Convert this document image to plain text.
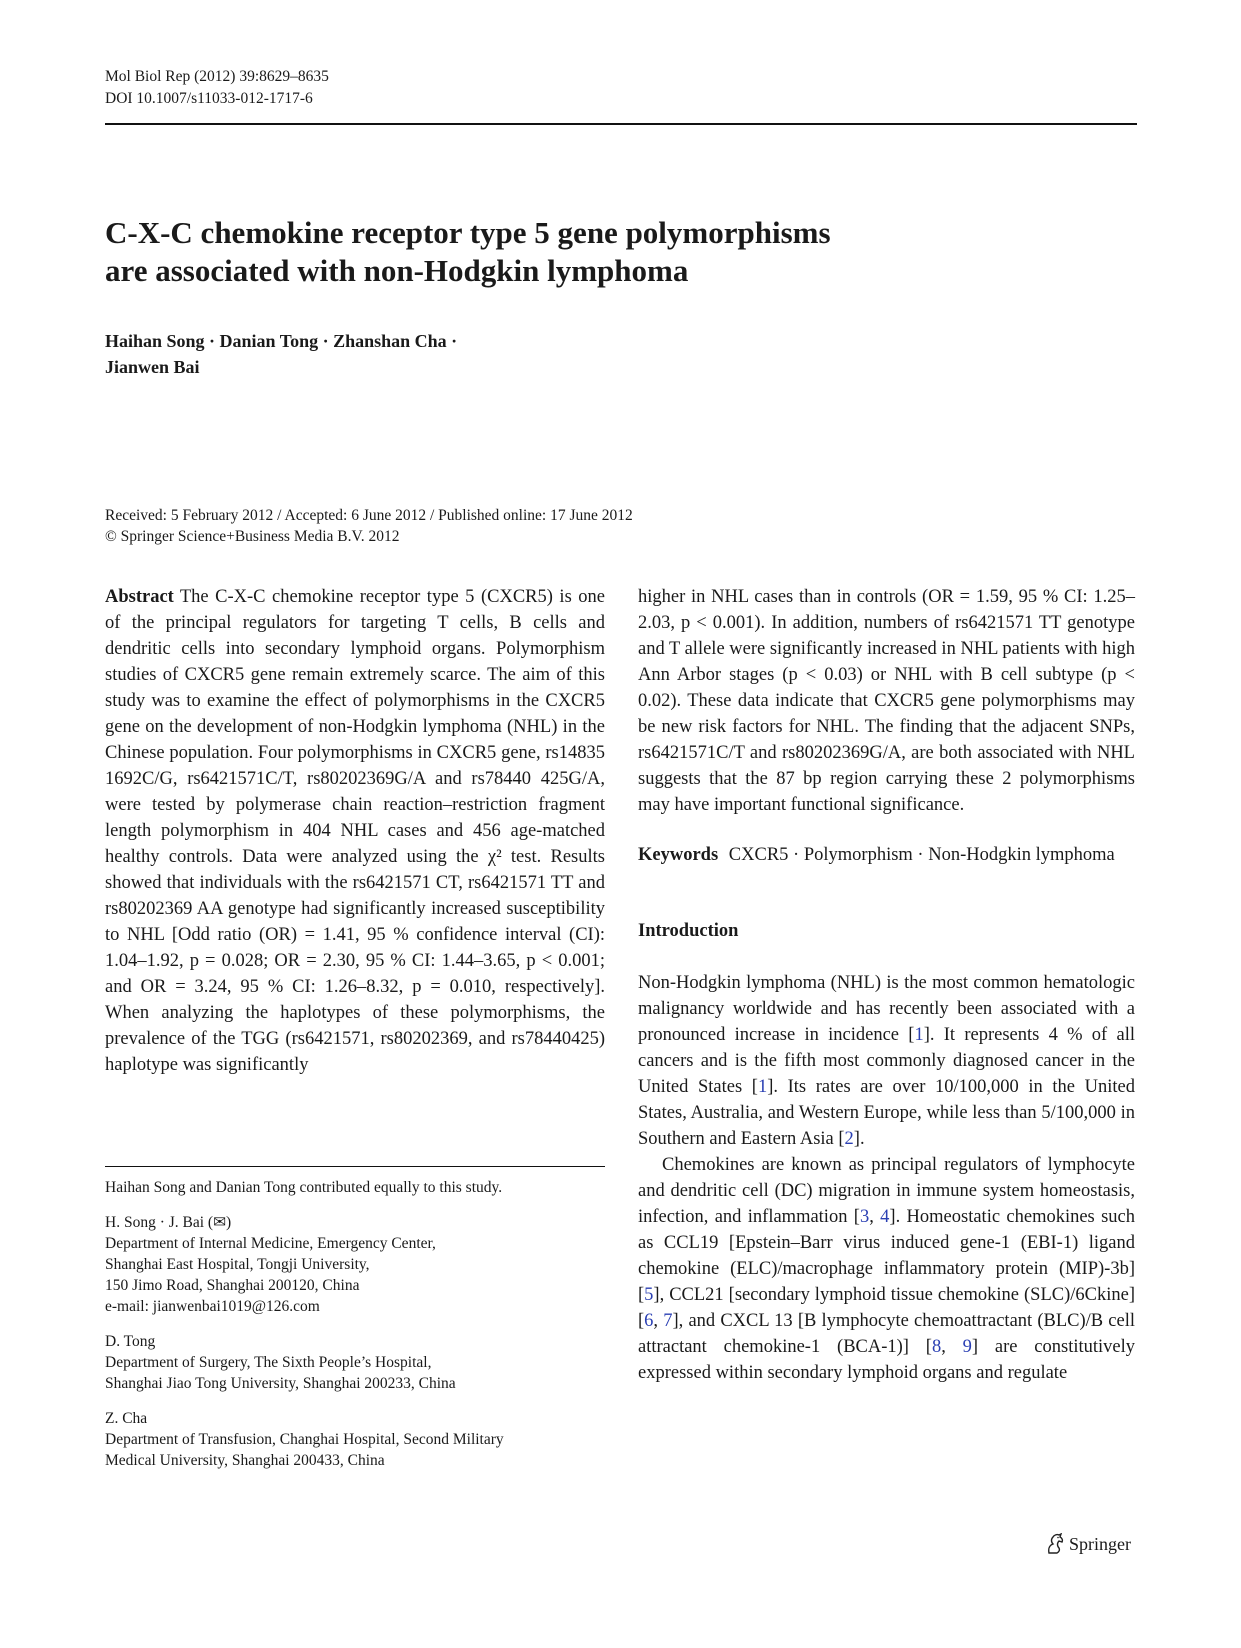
Mol Biol Rep (2012) 39:8629–8635
DOI 10.1007/s11033-012-1717-6
C-X-C chemokine receptor type 5 gene polymorphisms
are associated with non-Hodgkin lymphoma
Haihan Song · Danian Tong · Zhanshan Cha ·
Jianwen Bai
Received: 5 February 2012 / Accepted: 6 June 2012 / Published online: 17 June 2012
© Springer Science+Business Media B.V. 2012
Abstract The C-X-C chemokine receptor type 5 (CXCR5) is one of the principal regulators for targeting T cells, B cells and dendritic cells into secondary lymphoid organs. Polymorphism studies of CXCR5 gene remain extremely scarce. The aim of this study was to examine the effect of polymorphisms in the CXCR5 gene on the development of non-Hodgkin lymphoma (NHL) in the Chinese population. Four polymorphisms in CXCR5 gene, rs14835 1692C/G, rs6421571C/T, rs80202369G/A and rs78440 425G/A, were tested by polymerase chain reaction–restriction fragment length polymorphism in 404 NHL cases and 456 age-matched healthy controls. Data were analyzed using the χ² test. Results showed that individuals with the rs6421571 CT, rs6421571 TT and rs80202369 AA genotype had significantly increased susceptibility to NHL [Odd ratio (OR) = 1.41, 95 % confidence interval (CI): 1.04–1.92, p = 0.028; OR = 2.30, 95 % CI: 1.44–3.65, p < 0.001; and OR = 3.24, 95 % CI: 1.26–8.32, p = 0.010, respectively]. When analyzing the haplotypes of these polymorphisms, the prevalence of the TGG (rs6421571, rs80202369, and rs78440425) haplotype was significantly
Haihan Song and Danian Tong contributed equally to this study.
H. Song · J. Bai (✉)
Department of Internal Medicine, Emergency Center,
Shanghai East Hospital, Tongji University,
150 Jimo Road, Shanghai 200120, China
e-mail: jianwenbai1019@126.com
D. Tong
Department of Surgery, The Sixth People’s Hospital,
Shanghai Jiao Tong University, Shanghai 200233, China
Z. Cha
Department of Transfusion, Changhai Hospital, Second Military
Medical University, Shanghai 200433, China
higher in NHL cases than in controls (OR = 1.59, 95 % CI: 1.25–2.03, p < 0.001). In addition, numbers of rs6421571 TT genotype and T allele were significantly increased in NHL patients with high Ann Arbor stages (p < 0.03) or NHL with B cell subtype (p < 0.02). These data indicate that CXCR5 gene polymorphisms may be new risk factors for NHL. The finding that the adjacent SNPs, rs6421571C/T and rs80202369G/A, are both associated with NHL suggests that the 87 bp region carrying these 2 polymorphisms may have important functional significance.
Keywords CXCR5 · Polymorphism · Non-Hodgkin lymphoma
Introduction
Non-Hodgkin lymphoma (NHL) is the most common hematologic malignancy worldwide and has recently been associated with a pronounced increase in incidence [1]. It represents 4 % of all cancers and is the fifth most commonly diagnosed cancer in the United States [1]. Its rates are over 10/100,000 in the United States, Australia, and Western Europe, while less than 5/100,000 in Southern and Eastern Asia [2].
Chemokines are known as principal regulators of lymphocyte and dendritic cell (DC) migration in immune system homeostasis, infection, and inflammation [3, 4]. Homeostatic chemokines such as CCL19 [Epstein–Barr virus induced gene-1 (EBI-1) ligand chemokine (ELC)/macrophage inflammatory protein (MIP)-3b] [5], CCL21 [secondary lymphoid tissue chemokine (SLC)/6Ckine] [6, 7], and CXCL 13 [B lymphocyte chemoattractant (BLC)/B cell attractant chemokine-1 (BCA-1)] [8, 9] are constitutively expressed within secondary lymphoid organs and regulate
Springer
